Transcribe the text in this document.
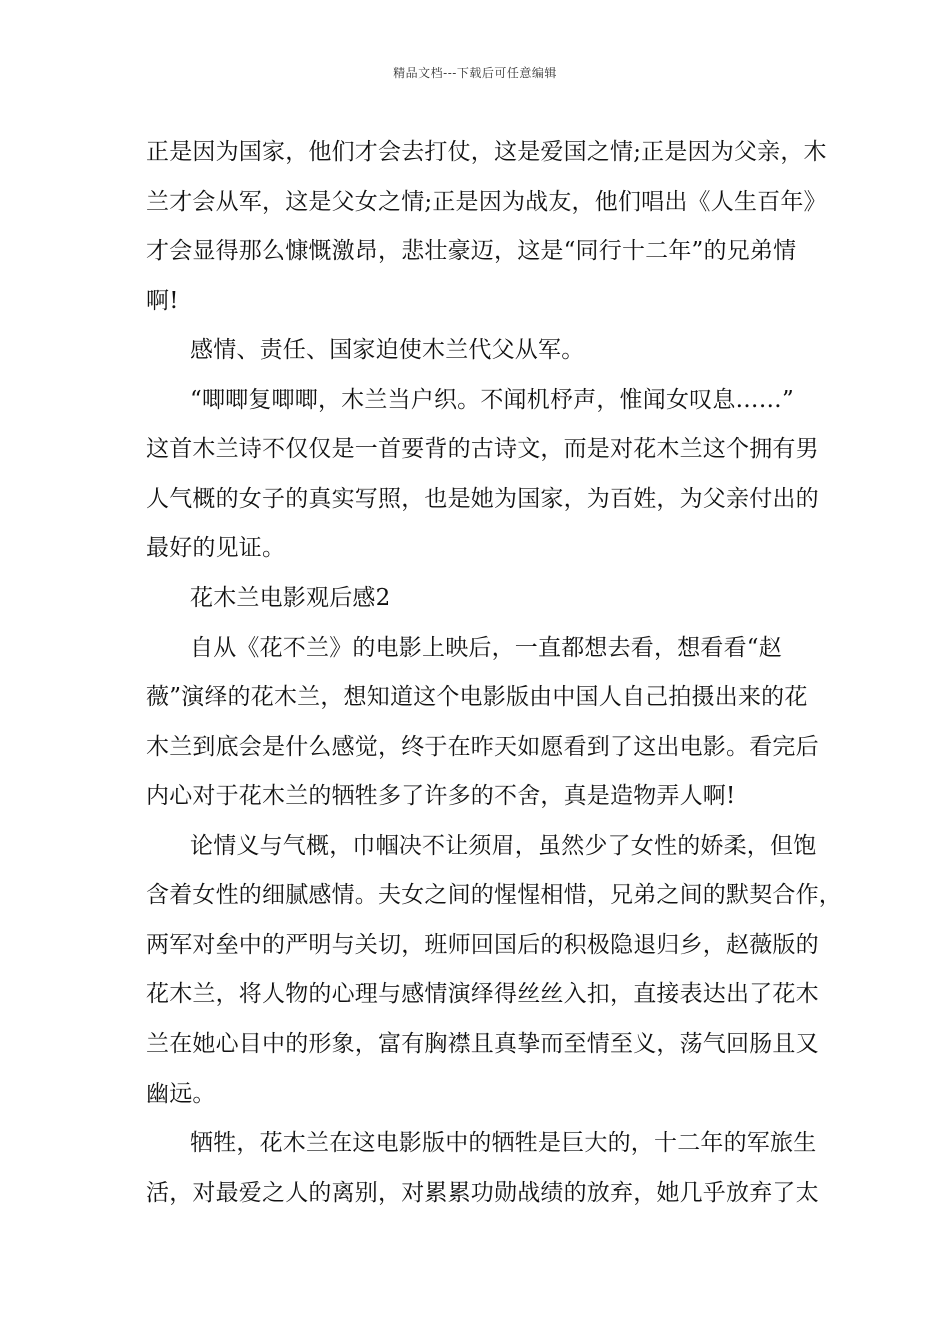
精品文档---下载后可任意编辑
正是因为国家，他们才会去打仗，这是爱国之情;正是因为父亲，木
兰才会从军，这是父女之情;正是因为战友，他们唱出《人生百年》
才会显得那么慷慨激昂，悲壮豪迈，这是“同行十二年”的兄弟情
啊!
感情、责任、国家迫使木兰代父从军。
“唧唧复唧唧，木兰当户织。不闻机杼声，惟闻女叹息……”
这首木兰诗不仅仅是一首要背的古诗文，而是对花木兰这个拥有男
人气概的女子的真实写照，也是她为国家，为百姓，为父亲付出的
最好的见证。
花木兰电影观后感2
自从《花不兰》的电影上映后，一直都想去看，想看看“赵
薇”演绎的花木兰，想知道这个电影版由中国人自己拍摄出来的花
木兰到底会是什么感觉，终于在昨天如愿看到了这出电影。看完后
内心对于花木兰的牺牲多了许多的不舍，真是造物弄人啊!
论情义与气概，巾帼决不让须眉，虽然少了女性的娇柔，但饱
含着女性的细腻感情。夫女之间的惺惺相惜，兄弟之间的默契合作，
两军对垒中的严明与关切，班师回国后的积极隐退归乡，赵薇版的
花木兰，将人物的心理与感情演绎得丝丝入扣，直接表达出了花木
兰在她心目中的形象，富有胸襟且真挚而至情至义，荡气回肠且又
幽远。
牺牲，花木兰在这电影版中的牺牲是巨大的，十二年的军旅生
活，对最爱之人的离别，对累累功勋战绩的放弃，她几乎放弃了太
